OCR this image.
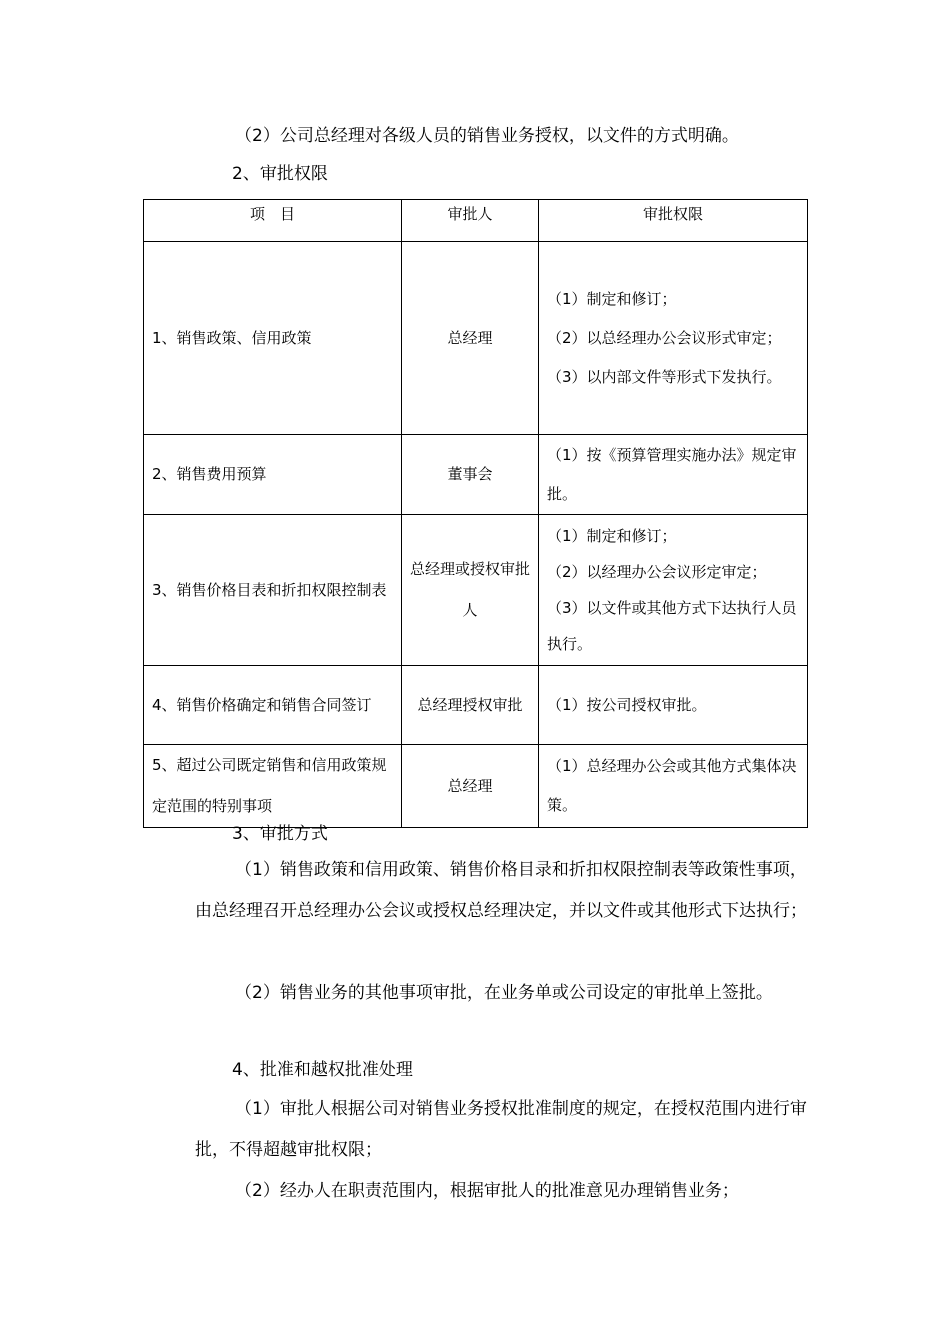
（2）公司总经理对各级人员的销售业务授权，以文件的方式明确。

2、审批权限

项　目	审批人	审批权限
1、销售政策、信用政策	总经理	（1）制定和修订；
（2）以总经理办公会议形式审定；
（3）以内部文件等形式下发执行。

2、销售费用预算	董事会	（1）按《预算管理实施办法》规定审批。

3、销售价格目表和折扣权限控制表	总经理或授权审批人	（1）制定和修订；
（2）以经理办公会议形定审定；
（3）以文件或其他方式下达执行人员执行。

4、销售价格确定和销售合同签订	总经理授权审批	（1）按公司授权审批。

5、超过公司既定销售和信用政策规定范围的特别事项	总经理	（1）总经理办公会或其他方式集体决策。

3、审批方式

（1）销售政策和信用政策、销售价格目录和折扣权限控制表等政策性事项，由总经理召开总经理办公会议或授权总经理决定，并以文件或其他形式下达执行；

（2）销售业务的其他事项审批，在业务单或公司设定的审批单上签批。

4、批准和越权批准处理

（1）审批人根据公司对销售业务授权批准制度的规定，在授权范围内进行审批，不得超越审批权限；

（2）经办人在职责范围内，根据审批人的批准意见办理销售业务；
